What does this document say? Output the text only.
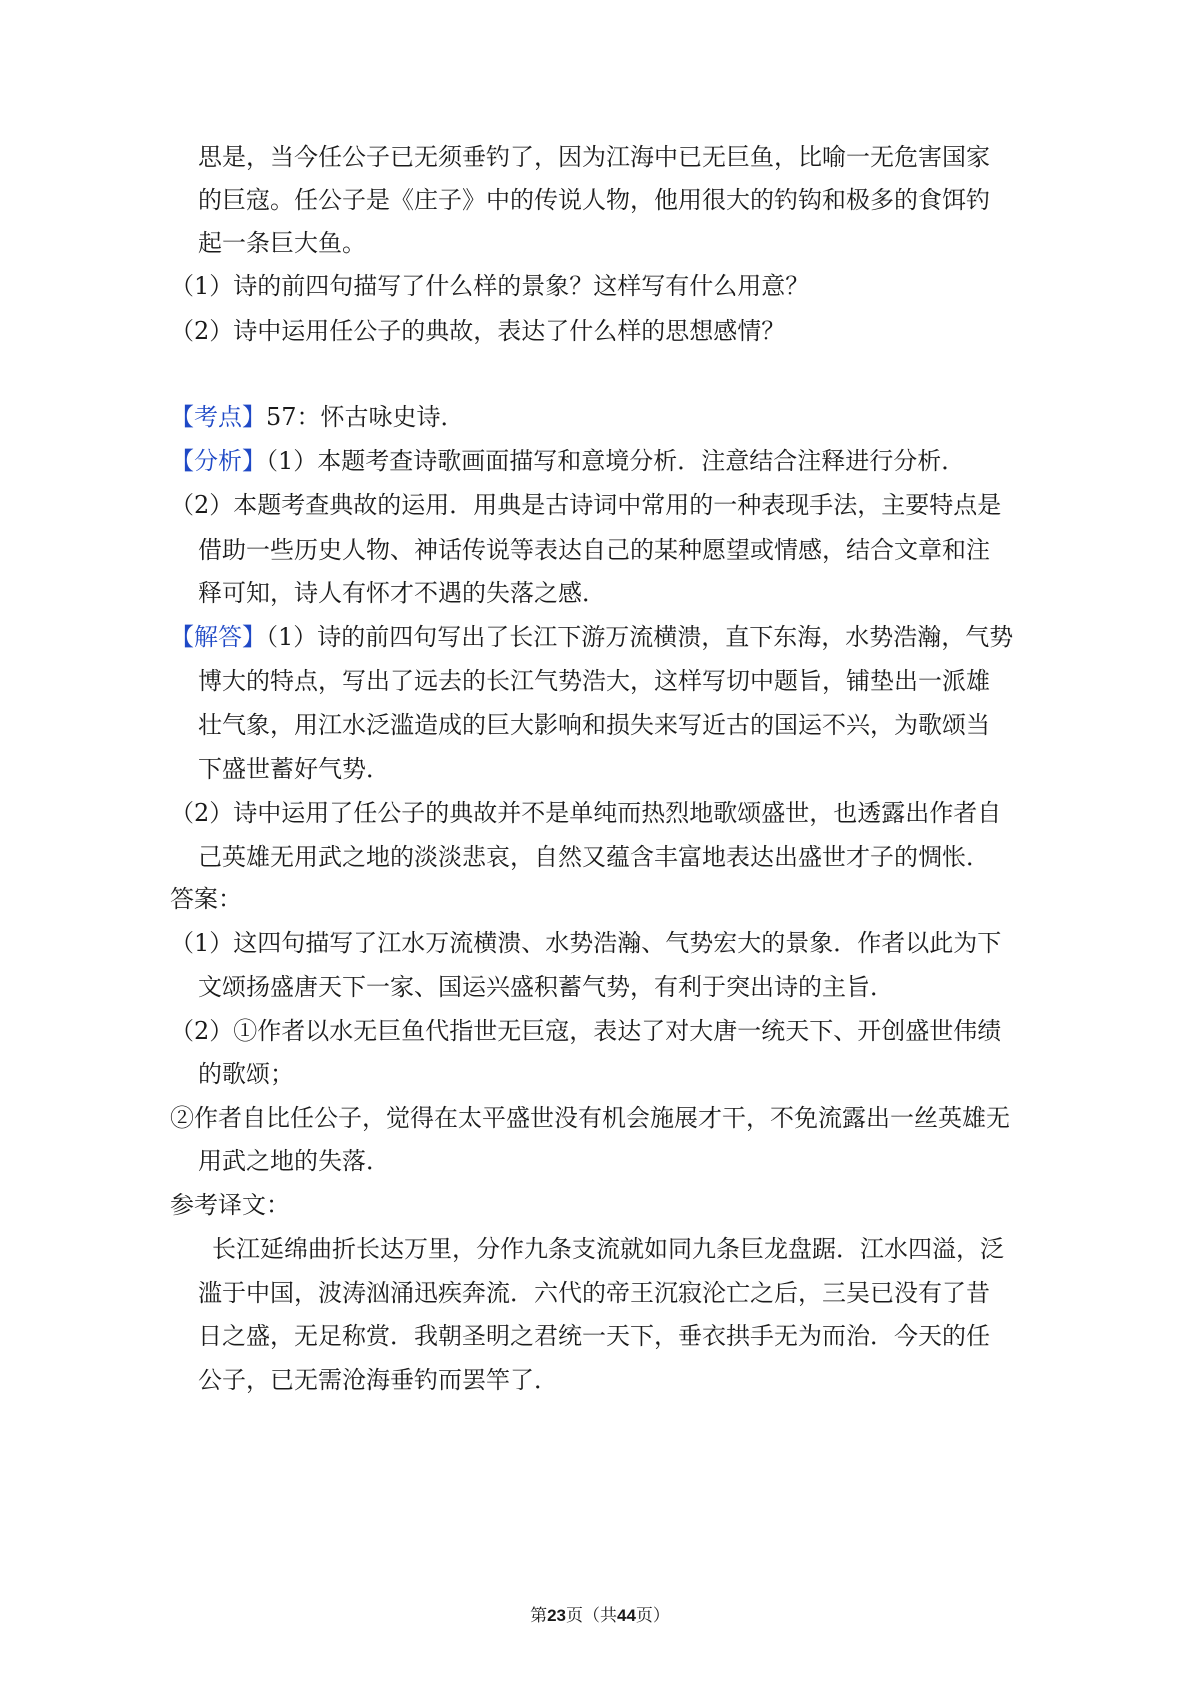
思是，当今任公子已无须垂钓了，因为江海中已无巨鱼，比喻一无危害国家
的巨寇。任公子是《庄子》中的传说人物，他用很大的钓钩和极多的食饵钓
起一条巨大鱼。
（1）诗的前四句描写了什么样的景象？这样写有什么用意？
（2）诗中运用任公子的典故，表达了什么样的思想感情？
【考点】57：怀古咏史诗．
【分析】（1）本题考查诗歌画面描写和意境分析．注意结合注释进行分析．
（2）本题考查典故的运用．用典是古诗词中常用的一种表现手法，主要特点是
借助一些历史人物、神话传说等表达自己的某种愿望或情感，结合文章和注
释可知，诗人有怀才不遇的失落之感．
【解答】（1）诗的前四句写出了长江下游万流横溃，直下东海，水势浩瀚，气势
博大的特点，写出了远去的长江气势浩大，这样写切中题旨，铺垫出一派雄
壮气象，用江水泛滥造成的巨大影响和损失来写近古的国运不兴，为歌颂当
下盛世蓄好气势．
（2）诗中运用了任公子的典故并不是单纯而热烈地歌颂盛世，也透露出作者自
己英雄无用武之地的淡淡悲哀，自然又蕴含丰富地表达出盛世才子的惆怅．
答案：
（1）这四句描写了江水万流横溃、水势浩瀚、气势宏大的景象．作者以此为下
文颂扬盛唐天下一家、国运兴盛积蓄气势，有利于突出诗的主旨．
（2）①作者以水无巨鱼代指世无巨寇，表达了对大唐一统天下、开创盛世伟绩
的歌颂；
②作者自比任公子，觉得在太平盛世没有机会施展才干，不免流露出一丝英雄无
用武之地的失落．
参考译文：
长江延绵曲折长达万里，分作九条支流就如同九条巨龙盘踞．江水四溢，泛
滥于中国，波涛汹涌迅疾奔流．六代的帝王沉寂沦亡之后，三吴已没有了昔
日之盛，无足称赏．我朝圣明之君统一天下，垂衣拱手无为而治．今天的任
公子，已无需沧海垂钓而罢竿了．
第23页（共44页）
